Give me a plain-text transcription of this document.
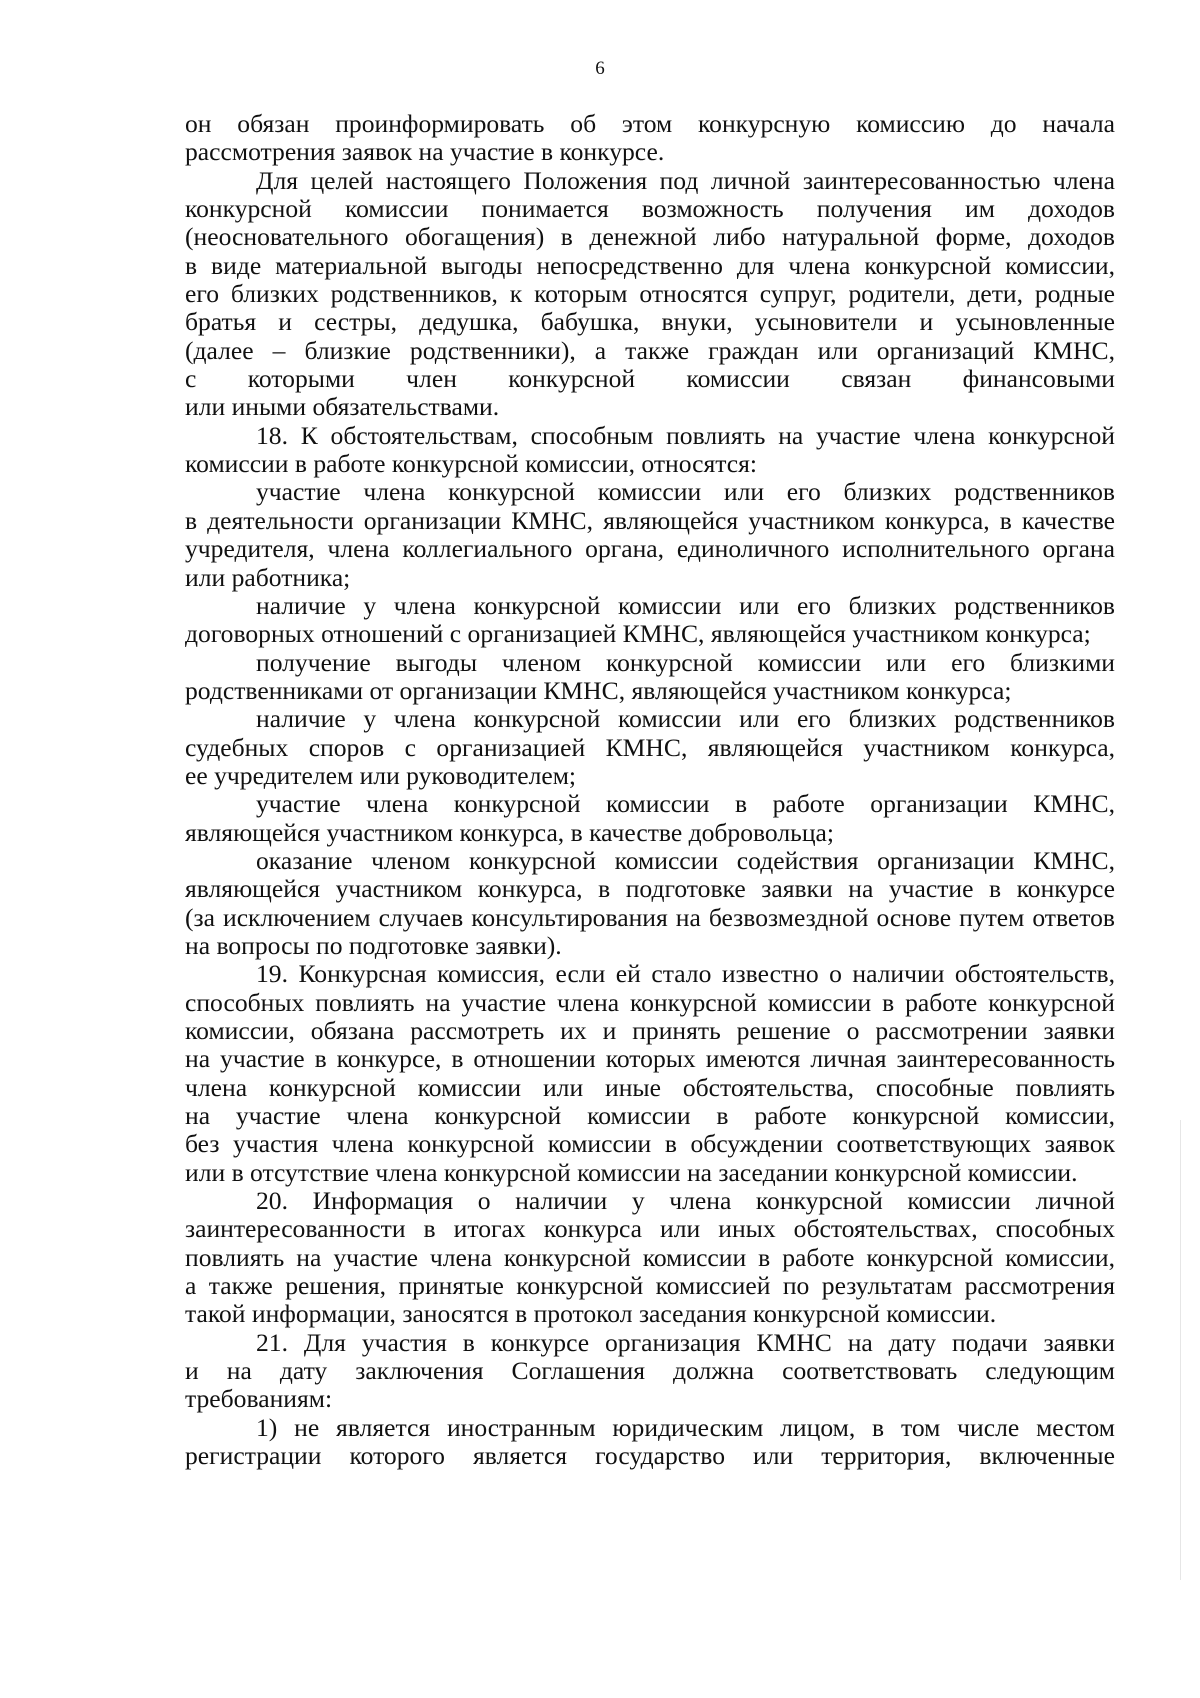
6
он обязан проинформировать об этом конкурсную комиссию до начала
рассмотрения заявок на участие в конкурсе.
Для целей настоящего Положения под личной заинтересованностью члена
конкурсной комиссии понимается возможность получения им доходов
(неосновательного обогащения) в денежной либо натуральной форме, доходов
в виде материальной выгоды непосредственно для члена конкурсной комиссии,
его близких родственников, к которым относятся супруг, родители, дети, родные
братья и сестры, дедушка, бабушка, внуки, усыновители и усыновленные
(далее – близкие родственники), а также граждан или организаций КМНС,
с которыми член конкурсной комиссии связан финансовыми
или иными обязательствами.
18. К обстоятельствам, способным повлиять на участие члена конкурсной
комиссии в работе конкурсной комиссии, относятся:
участие члена конкурсной комиссии или его близких родственников
в деятельности организации КМНС, являющейся участником конкурса, в качестве
учредителя, члена коллегиального органа, единоличного исполнительного органа
или работника;
наличие у члена конкурсной комиссии или его близких родственников
договорных отношений с организацией КМНС, являющейся участником конкурса;
получение выгоды членом конкурсной комиссии или его близкими
родственниками от организации КМНС, являющейся участником конкурса;
наличие у члена конкурсной комиссии или его близких родственников
судебных споров с организацией КМНС, являющейся участником конкурса,
ее учредителем или руководителем;
участие члена конкурсной комиссии в работе организации КМНС,
являющейся участником конкурса, в качестве добровольца;
оказание членом конкурсной комиссии содействия организации КМНС,
являющейся участником конкурса, в подготовке заявки на участие в конкурсе
(за исключением случаев консультирования на безвозмездной основе путем ответов
на вопросы по подготовке заявки).
19. Конкурсная комиссия, если ей стало известно о наличии обстоятельств,
способных повлиять на участие члена конкурсной комиссии в работе конкурсной
комиссии, обязана рассмотреть их и принять решение о рассмотрении заявки
на участие в конкурсе, в отношении которых имеются личная заинтересованность
члена конкурсной комиссии или иные обстоятельства, способные повлиять
на участие члена конкурсной комиссии в работе конкурсной комиссии,
без участия члена конкурсной комиссии в обсуждении соответствующих заявок
или в отсутствие члена конкурсной комиссии на заседании конкурсной комиссии.
20. Информация о наличии у члена конкурсной комиссии личной
заинтересованности в итогах конкурса или иных обстоятельствах, способных
повлиять на участие члена конкурсной комиссии в работе конкурсной комиссии,
а также решения, принятые конкурсной комиссией по результатам рассмотрения
такой информации, заносятся в протокол заседания конкурсной комиссии.
21. Для участия в конкурсе организация КМНС на дату подачи заявки
и на дату заключения Соглашения должна соответствовать следующим
требованиям:
1) не является иностранным юридическим лицом, в том числе местом
регистрации которого является государство или территория, включенные
